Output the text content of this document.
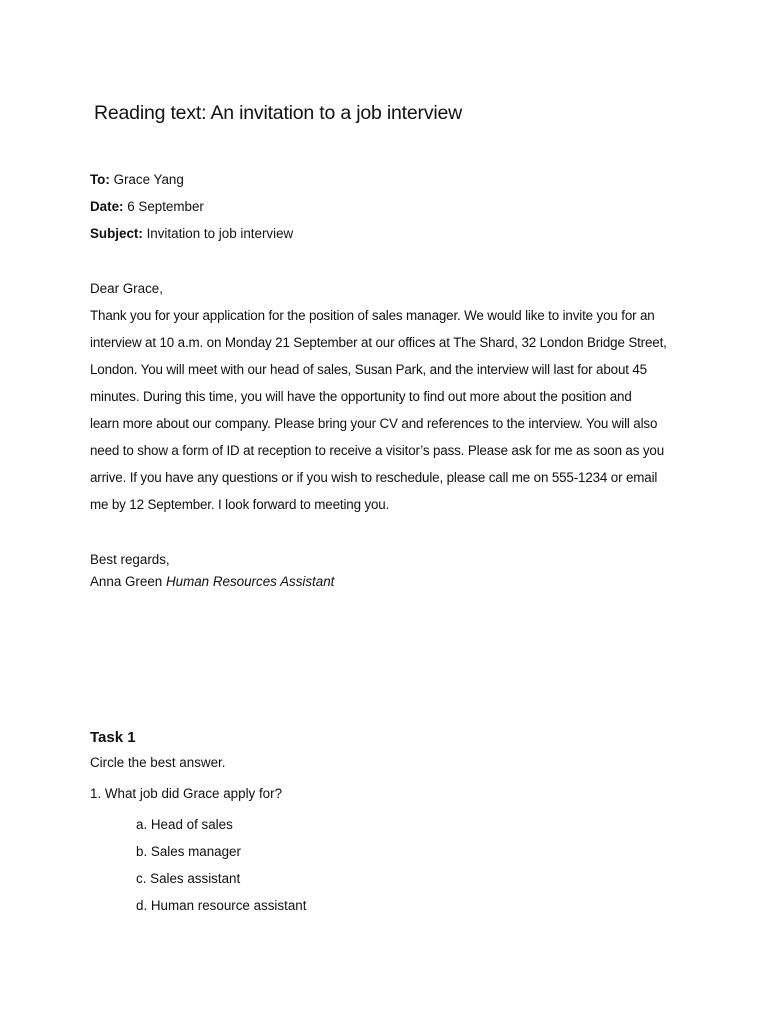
Reading text: An invitation to a job interview
To: Grace Yang
Date: 6 September
Subject: Invitation to job interview
Dear Grace,
Thank you for your application for the position of sales manager. We would like to invite you for an
interview at 10 a.m. on Monday 21 September at our offices at The Shard, 32 London Bridge Street,
London. You will meet with our head of sales, Susan Park, and the interview will last for about 45
minutes. During this time, you will have the opportunity to find out more about the position and
learn more about our company. Please bring your CV and references to the interview. You will also
need to show a form of ID at reception to receive a visitor’s pass. Please ask for me as soon as you
arrive. If you have any questions or if you wish to reschedule, please call me on 555-1234 or email
me by 12 September. I look forward to meeting you.
Best regards,
Anna Green Human Resources Assistant
Task 1
Circle the best answer.
1. What job did Grace apply for?
a. Head of sales
b. Sales manager
c. Sales assistant
d. Human resource assistant
